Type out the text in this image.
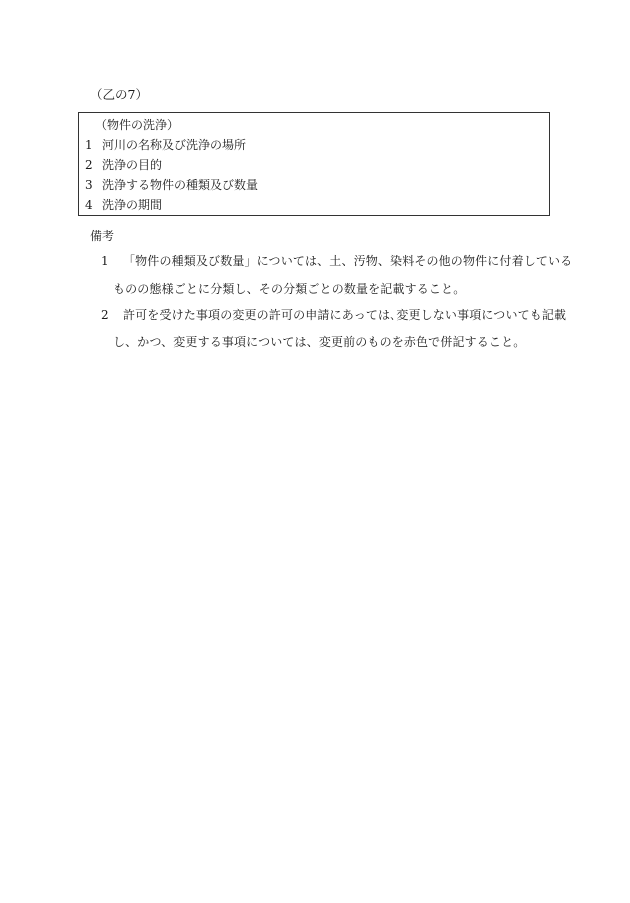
（乙の7）
（物件の洗浄）
1 河川の名称及び洗浄の場所
2 洗浄の目的
3 洗浄する物件の種類及び数量
4 洗浄の期間
備考
1 「物件の種類及び数量」については、土、汚物、染料その他の物件に付着している
ものの態様ごとに分類し、その分類ごとの数量を記載すること。
2 許可を受けた事項の変更の許可の申請にあっては､変更しない事項についても記載
し、かつ、変更する事項については、変更前のものを赤色で併記すること。
